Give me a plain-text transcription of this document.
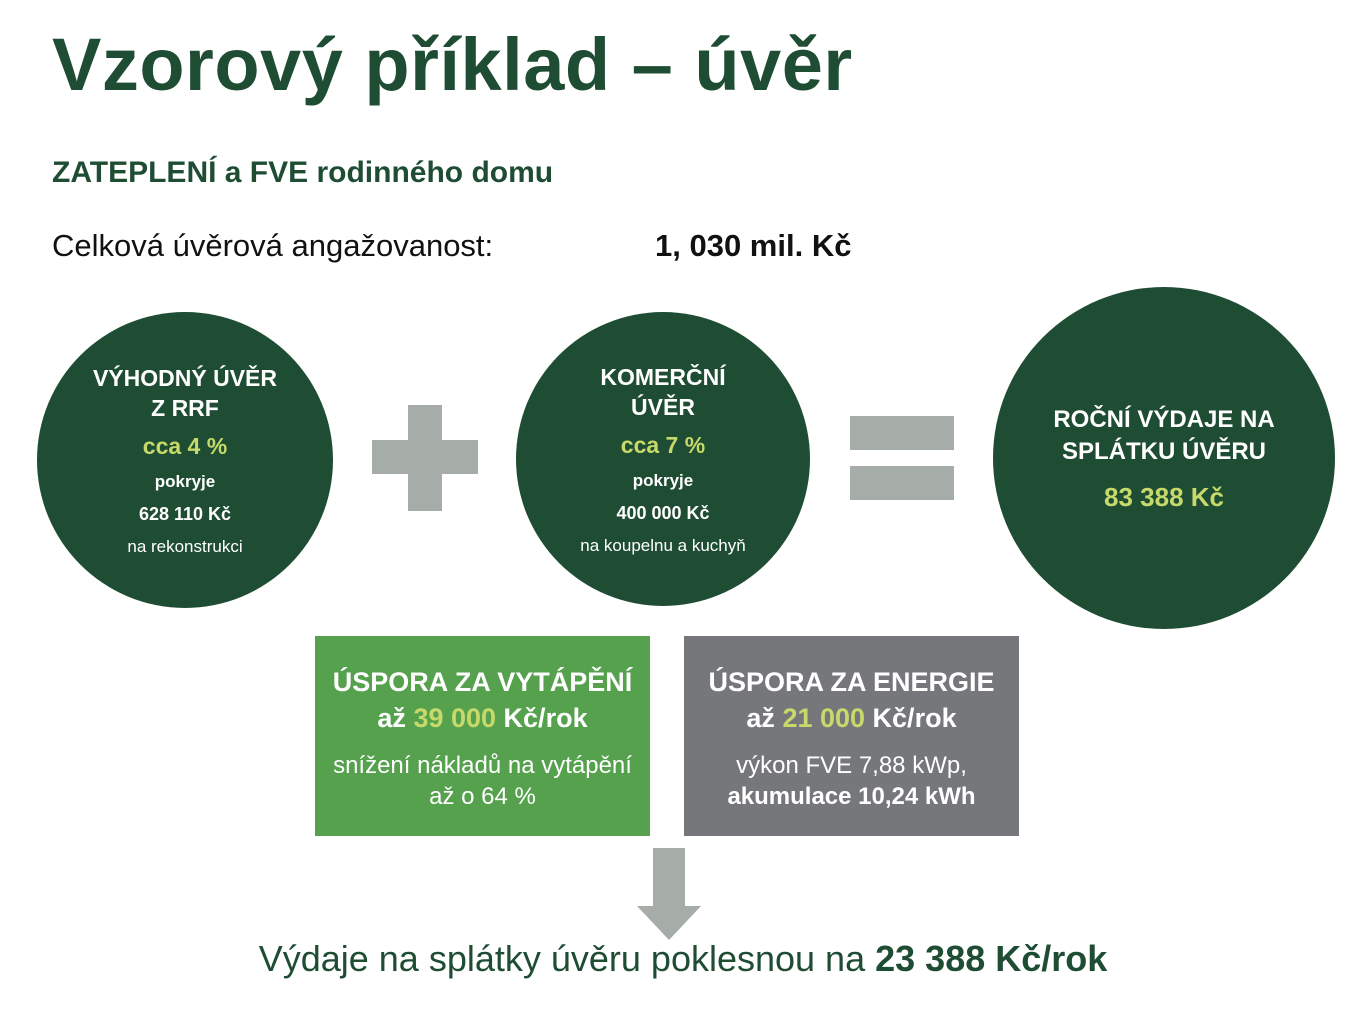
Vzorový příklad – úvěr
ZATEPLENÍ a FVE rodinného domu
Celková úvěrová angažovanost:	1, 030 mil. Kč
VÝHODNÝ ÚVĚR
Z RRF
cca 4 %
pokryje
628 110 Kč
na rekonstrukci
KOMERČNÍ
ÚVĚR
cca 7 %
pokryje
400 000 Kč
na koupelnu a kuchyň
ROČNÍ VÝDAJE NA
SPLÁTKU ÚVĚRU
83 388 Kč
ÚSPORA ZA VYTÁPĚNÍ
až 39 000 Kč/rok
snížení nákladů na vytápění
až o 64 %
ÚSPORA ZA ENERGIE
až 21 000 Kč/rok
výkon FVE 7,88 kWp,
akumulace 10,24 kWh
Výdaje na splátky úvěru poklesnou na 23 388 Kč/rok
